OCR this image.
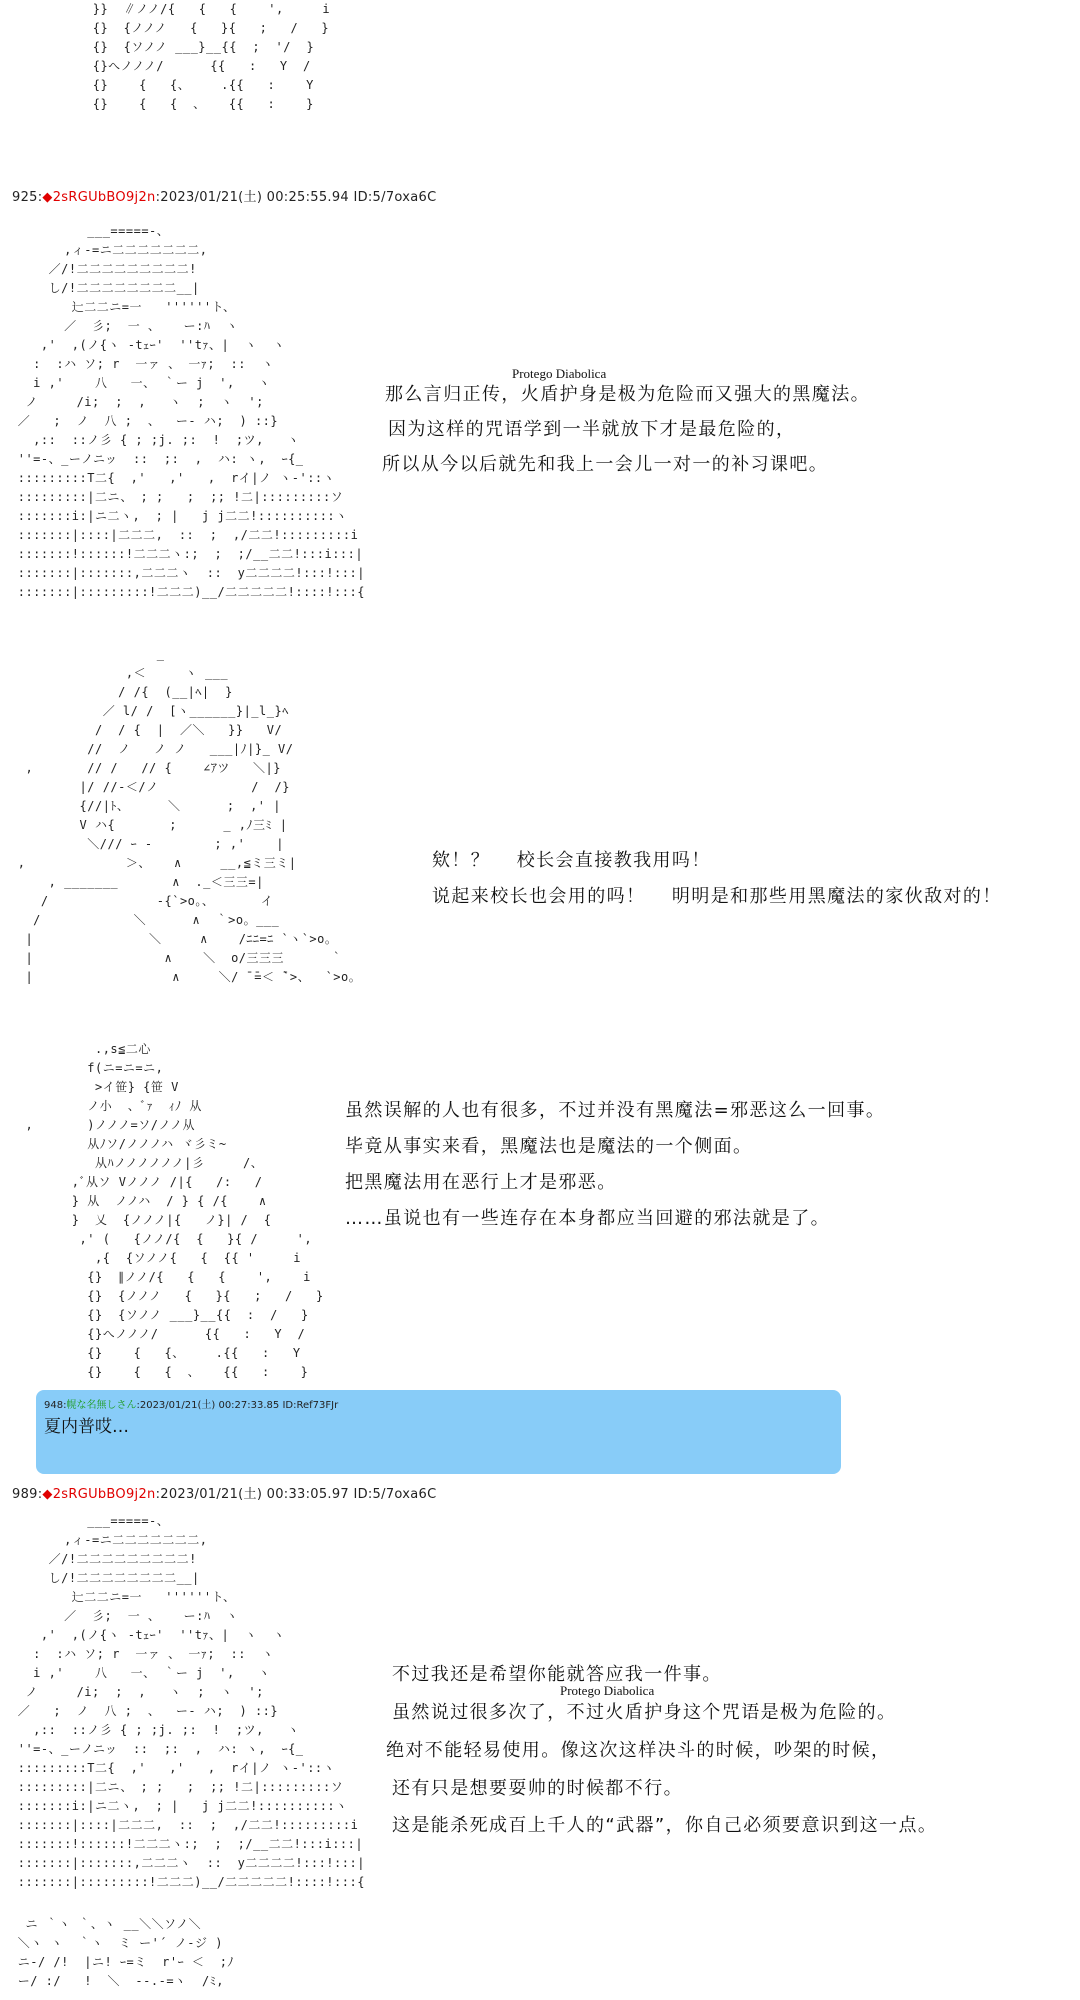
}}  ∥ノノ/{   {   {    ',     i
{}  {ノノノ   {   }{   ;   /   }
{}  {ソノノ ___}__{{  ;  '/  }
{}へノノノ/      {{   :   Y  /
{}    {   {、    .{{   :    Y
{}    {   {  、   {{   :    }
925:◆2sRGUbBO9j2n:2023/01/21(土) 00:25:55.94 ID:5/7oxa6C
___=====-、
,ィ-=ニ二二二二二二二,
／/!二二二二二二二二二!
し/!二二二二二二二二__|
辷二二ニ=一   ''''''ト、
／  彡;  一 、   ー:ﾊ  ヽ
,'  ,(ノ{ヽ -tｪｰ'  ''tｧ、|  ヽ  ヽ
:  :ハ ソ; r  一ァ 、 一ｧ;  ::  ヽ
i ,'    八   一、 ｀ー j  ',   ヽ
ノ     /i;  ;  ,   ヽ  ;  ヽ  ';
／   ;  ノ  八 ;  、  ー‐ ハ;  ) ::}
,::  ::ノ彡 { ; ;j. ;:  !  ;ツ,   ヽ
''=-、_ーノニッ  ::  ;:  ,  ハ: ヽ,  ｰ{_
:::::::::T二{  ,'   ,'   ,  rイ|ノ ヽ-'::ヽ
:::::::::|二ニ、 ; ;   ;  ;; !二|:::::::::ソ
:::::::i:|ニ二ヽ,  ; |   j j二二!::::::::::ヽ
:::::::|::::|二二二,  ::  ;  ,/二二!:::::::::i
:::::::!::::::!二二二ヽ:;  ;  ;/__二二!:::i:::|
:::::::|:::::::,二二二ヽ  ::  y二二二二!:::!:::|
:::::::|:::::::::!二二二)__/二二二二二!::::!:::{
Protego Diabolica
那么言归正传，火盾护身是极为危险而又强大的黑魔法。
因为这样的咒语学到一半就放下才是最危险的，
所以从今以后就先和我上一会儿一对一的补习课吧。
_
,＜     ヽ ___
/ /{  (__|ﾍ|  }
／ l/ /  [ヽ______}|_l_}ﾍ
/  / {  |  ／＼   }}   V/
//  ノ   ノ ノ   ___|ﾉ|}_ V/
,       // /   // {    ∠ｱツ   ＼|}
|/ //-＜/ノ            /  /}
{//|ﾄ、     ＼      ;  ,' |
V ハ{       ;      _ ,ﾉ三ﾐ |
＼/// ｰ -        ; ,'    |
,             ＞、   ∧     __,≦ミ三ミ|
, _______       ∧  ._＜三三=|
/              ‐{`>o。、      イ
/            ＼      ∧  ｀>o。___
|               ＼     ∧    /ﾆﾆ=ﾆ `ヽ`>o。
|                 ∧    ＼  o/三三三      ｀
|                  ∧     ＼/ ̄ ̄=＜ ̄`>、  `>o。
欸！？　 校长会直接教我用吗！
说起来校长也会用的吗！　 明明是和那些用黑魔法的家伙敌对的！
.,s≦二心
f(ニ=ニ=ニ,
>イ笹} {笹 V
ノ小  、ﾞｧ  ｨﾉ 从
,       )ノノノ=ソ/ノノ从
从ﾉソ/ノノノハ ヾ彡ミ~
从ﾊノノノノノノ|彡     /、
,ﾞ从ソ Vノノノ /|{   /:   /
} 从  ノノハ  / } { /{    ∧
}  乂  {ノノノ|{   ノ}| /  {
,' (   {ノノ/{  {   }{ /     ',
,{  {ソノノ{   {  {{ '     i
{}  ∥ノノ/{   {   {    ',    i
{}  {ノノノ   {   }{   ;   /   }
{}  {ソノノ ___}__{{  :  /   }
{}へノノノ/      {{   :   Y  /
{}    {   {、    .{{   :   Y
{}    {   {  、   {{   :    }
虽然误解的人也有很多，不过并没有黑魔法=邪恶这么一回事。
毕竟从事实来看，黑魔法也是魔法的一个侧面。
把黑魔法用在恶行上才是邪恶。
……虽说也有一些连存在本身都应当回避的邪法就是了。
948:幌な名無しさん:2023/01/21(土) 00:27:33.85 ID:Ref73FJr
夏内普哎…
989:◆2sRGUbBO9j2n:2023/01/21(土) 00:33:05.97 ID:5/7oxa6C
___=====-、
,ィ-=ニ二二二二二二二,
／/!二二二二二二二二二!
し/!二二二二二二二二__|
辷二二ニ=一   ''''''ト、
／  彡;  一 、   ー:ﾊ  ヽ
,'  ,(ノ{ヽ -tｪｰ'  ''tｧ、|  ヽ  ヽ
:  :ハ ソ; r  一ァ 、 一ｧ;  ::  ヽ
i ,'    八   一、 ｀ー j  ',   ヽ
ノ     /i;  ;  ,   ヽ  ;  ヽ  ';
／   ;  ノ  八 ;  、  ー‐ ハ;  ) ::}
,::  ::ノ彡 { ; ;j. ;:  !  ;ツ,   ヽ
''=-、_ーノニッ  ::  ;:  ,  ハ: ヽ,  ｰ{_
:::::::::T二{  ,'   ,'   ,  rイ|ノ ヽ-'::ヽ
:::::::::|二ニ、 ; ;   ;  ;; !二|:::::::::ソ
:::::::i:|ニ二ヽ,  ; |   j j二二!::::::::::ヽ
:::::::|::::|二二二,  ::  ;  ,/二二!:::::::::i
:::::::!::::::!二二二ヽ:;  ;  ;/__二二!:::i:::|
:::::::|:::::::,二二二ヽ  ::  y二二二二!:::!:::|
:::::::|:::::::::!二二二)__/二二二二二!::::!:::{
Protego Diabolica
不过我还是希望你能就答应我一件事。
虽然说过很多次了，不过火盾护身这个咒语是极为危险的。
绝对不能轻易使用。像这次这样决斗的时候，吵架的时候，
还有只是想要耍帅的时候都不行。
这是能杀死成百上千人的“武器”，你自己必须要意识到这一点。
ニ ｀ヽ ｀、ヽ __＼＼ソノ＼
＼ヽ ヽ  ｀ヽ  ミ ー'´ ノ-ジ )
ニ-/ /!  |ニ! ｰ=ミ  r'ｰ ＜  ;ﾉ
ー/ :/   !  ＼  --.-=ヽ  /ﾐ,
